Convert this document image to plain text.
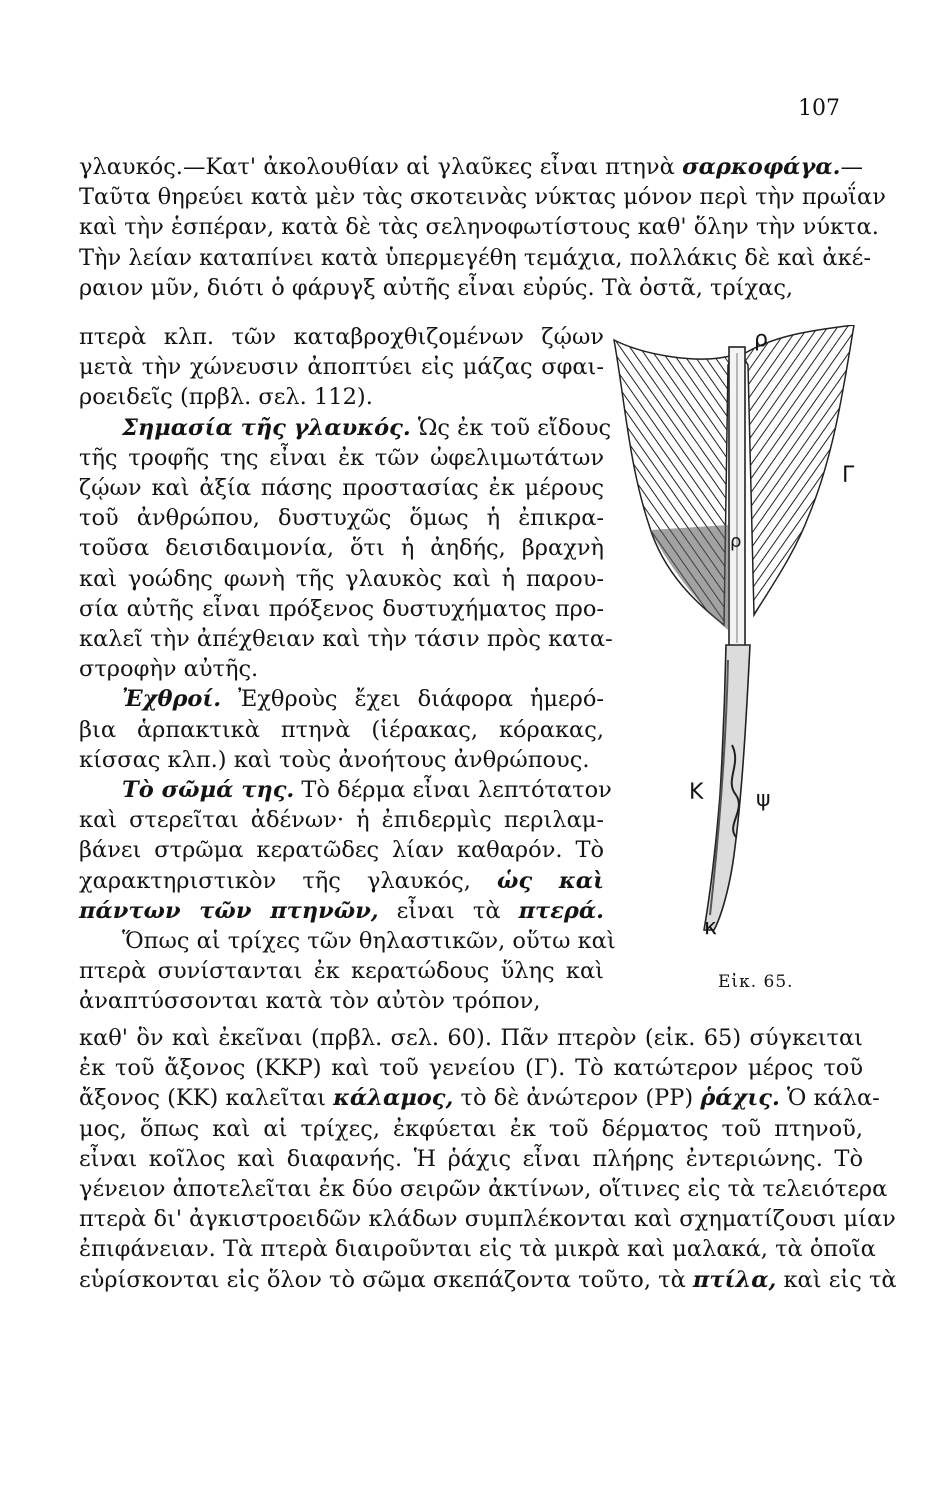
107
γλαυκός.—Κατ' ἀκολουθίαν αἱ γλαῦκες εἶναι πτηνὰ σαρκοφάγα.—
Ταῦτα θηρεύει κατὰ μὲν τὰς σκοτεινὰς νύκτας μόνον περὶ τὴν πρωΐαν
καὶ τὴν ἑσπέραν, κατὰ δὲ τὰς σεληνοφωτίστους καθ' ὅλην τὴν νύκτα.
Τὴν λείαν καταπίνει κατὰ ὑπερμεγέθη τεμάχια, πολλάκις δὲ καὶ ἀκέ-
ραιον μῦν, διότι ὁ φάρυγξ αὐτῆς εἶναι εὐρύς. Τὰ ὀστᾶ, τρίχας,
πτερὰ κλπ. τῶν καταβροχθιζομένων ζῴων
μετὰ τὴν χώνευσιν ἀποπτύει εἰς μάζας σφαι-
ροειδεῖς (πρβλ. σελ. 112).
Σημασία τῆς γλαυκός. Ὡς ἐκ τοῦ εἴδους
τῆς τροφῆς της εἶναι ἐκ τῶν ὠφελιμωτάτων
ζῴων καὶ ἀξία πάσης προστασίας ἐκ μέρους
τοῦ ἀνθρώπου, δυστυχῶς ὅμως ἡ ἐπικρα-
τοῦσα δεισιδαιμονία, ὅτι ἡ ἀηδής, βραχνὴ
καὶ γοώδης φωνὴ τῆς γλαυκὸς καὶ ἡ παρου-
σία αὐτῆς εἶναι πρόξενος δυστυχήματος προ-
καλεῖ τὴν ἀπέχθειαν καὶ τὴν τάσιν πρὸς κατα-
στροφὴν αὐτῆς.
Ἐχθροί. Ἐχθροὺς ἔχει διάφορα ἡμερό-
βια ἁρπακτικὰ πτηνὰ (ἱέρακας, κόρακας,
κίσσας κλπ.) καὶ τοὺς ἀνοήτους ἀνθρώπους.
Τὸ σῶμά της. Τὸ δέρμα εἶναι λεπτότατον
καὶ στερεῖται ἀδένων· ἡ ἐπιδερμὶς περιλαμ-
βάνει στρῶμα κερατῶδες λίαν καθαρόν. Τὸ
χαρακτηριστικὸν τῆς γλαυκός, ὡς καὶ
πάντων τῶν πτηνῶν, εἶναι τὰ πτερά.
Ὅπως αἱ τρίχες τῶν θηλαστικῶν, οὕτω καὶ
πτερὰ συνίστανται ἐκ κερατώδους ὕλης καὶ
ἀναπτύσσονται κατὰ τὸν αὐτὸν τρόπον,
καθ' ὃν καὶ ἐκεῖναι (πρβλ. σελ. 60). Πᾶν πτερὸν (εἰκ. 65) σύγκειται
ἐκ τοῦ ἄξονος (ΚΚΡ) καὶ τοῦ γενείου (Γ). Τὸ κατώτερον μέρος τοῦ
ἄξονος (ΚΚ) καλεῖται κάλαμος, τὸ δὲ ἀνώτερον (ΡΡ) ῥάχις. Ὁ κάλα-
μος, ὅπως καὶ αἱ τρίχες, ἐκφύεται ἐκ τοῦ δέρματος τοῦ πτηνοῦ,
εἶναι κοῖλος καὶ διαφανής. Ἡ ῥάχις εἶναι πλήρης ἐντεριώνης. Τὸ
γένειον ἀποτελεῖται ἐκ δύο σειρῶν ἀκτίνων, οἵτινες εἰς τὰ τελειότερα
πτερὰ δι' ἀγκιστροειδῶν κλάδων συμπλέκονται καὶ σχηματίζουσι μίαν
ἐπιφάνειαν. Τὰ πτερὰ διαιροῦνται εἰς τὰ μικρὰ καὶ μαλακά, τὰ ὁποῖα
εὑρίσκονται εἰς ὅλον τὸ σῶμα σκεπάζοντα τοῦτο, τὰ πτίλα, καὶ εἰς τὰ
ρ
Γ
ρ
Κ ψ
κ
Εἰκ. 65.
